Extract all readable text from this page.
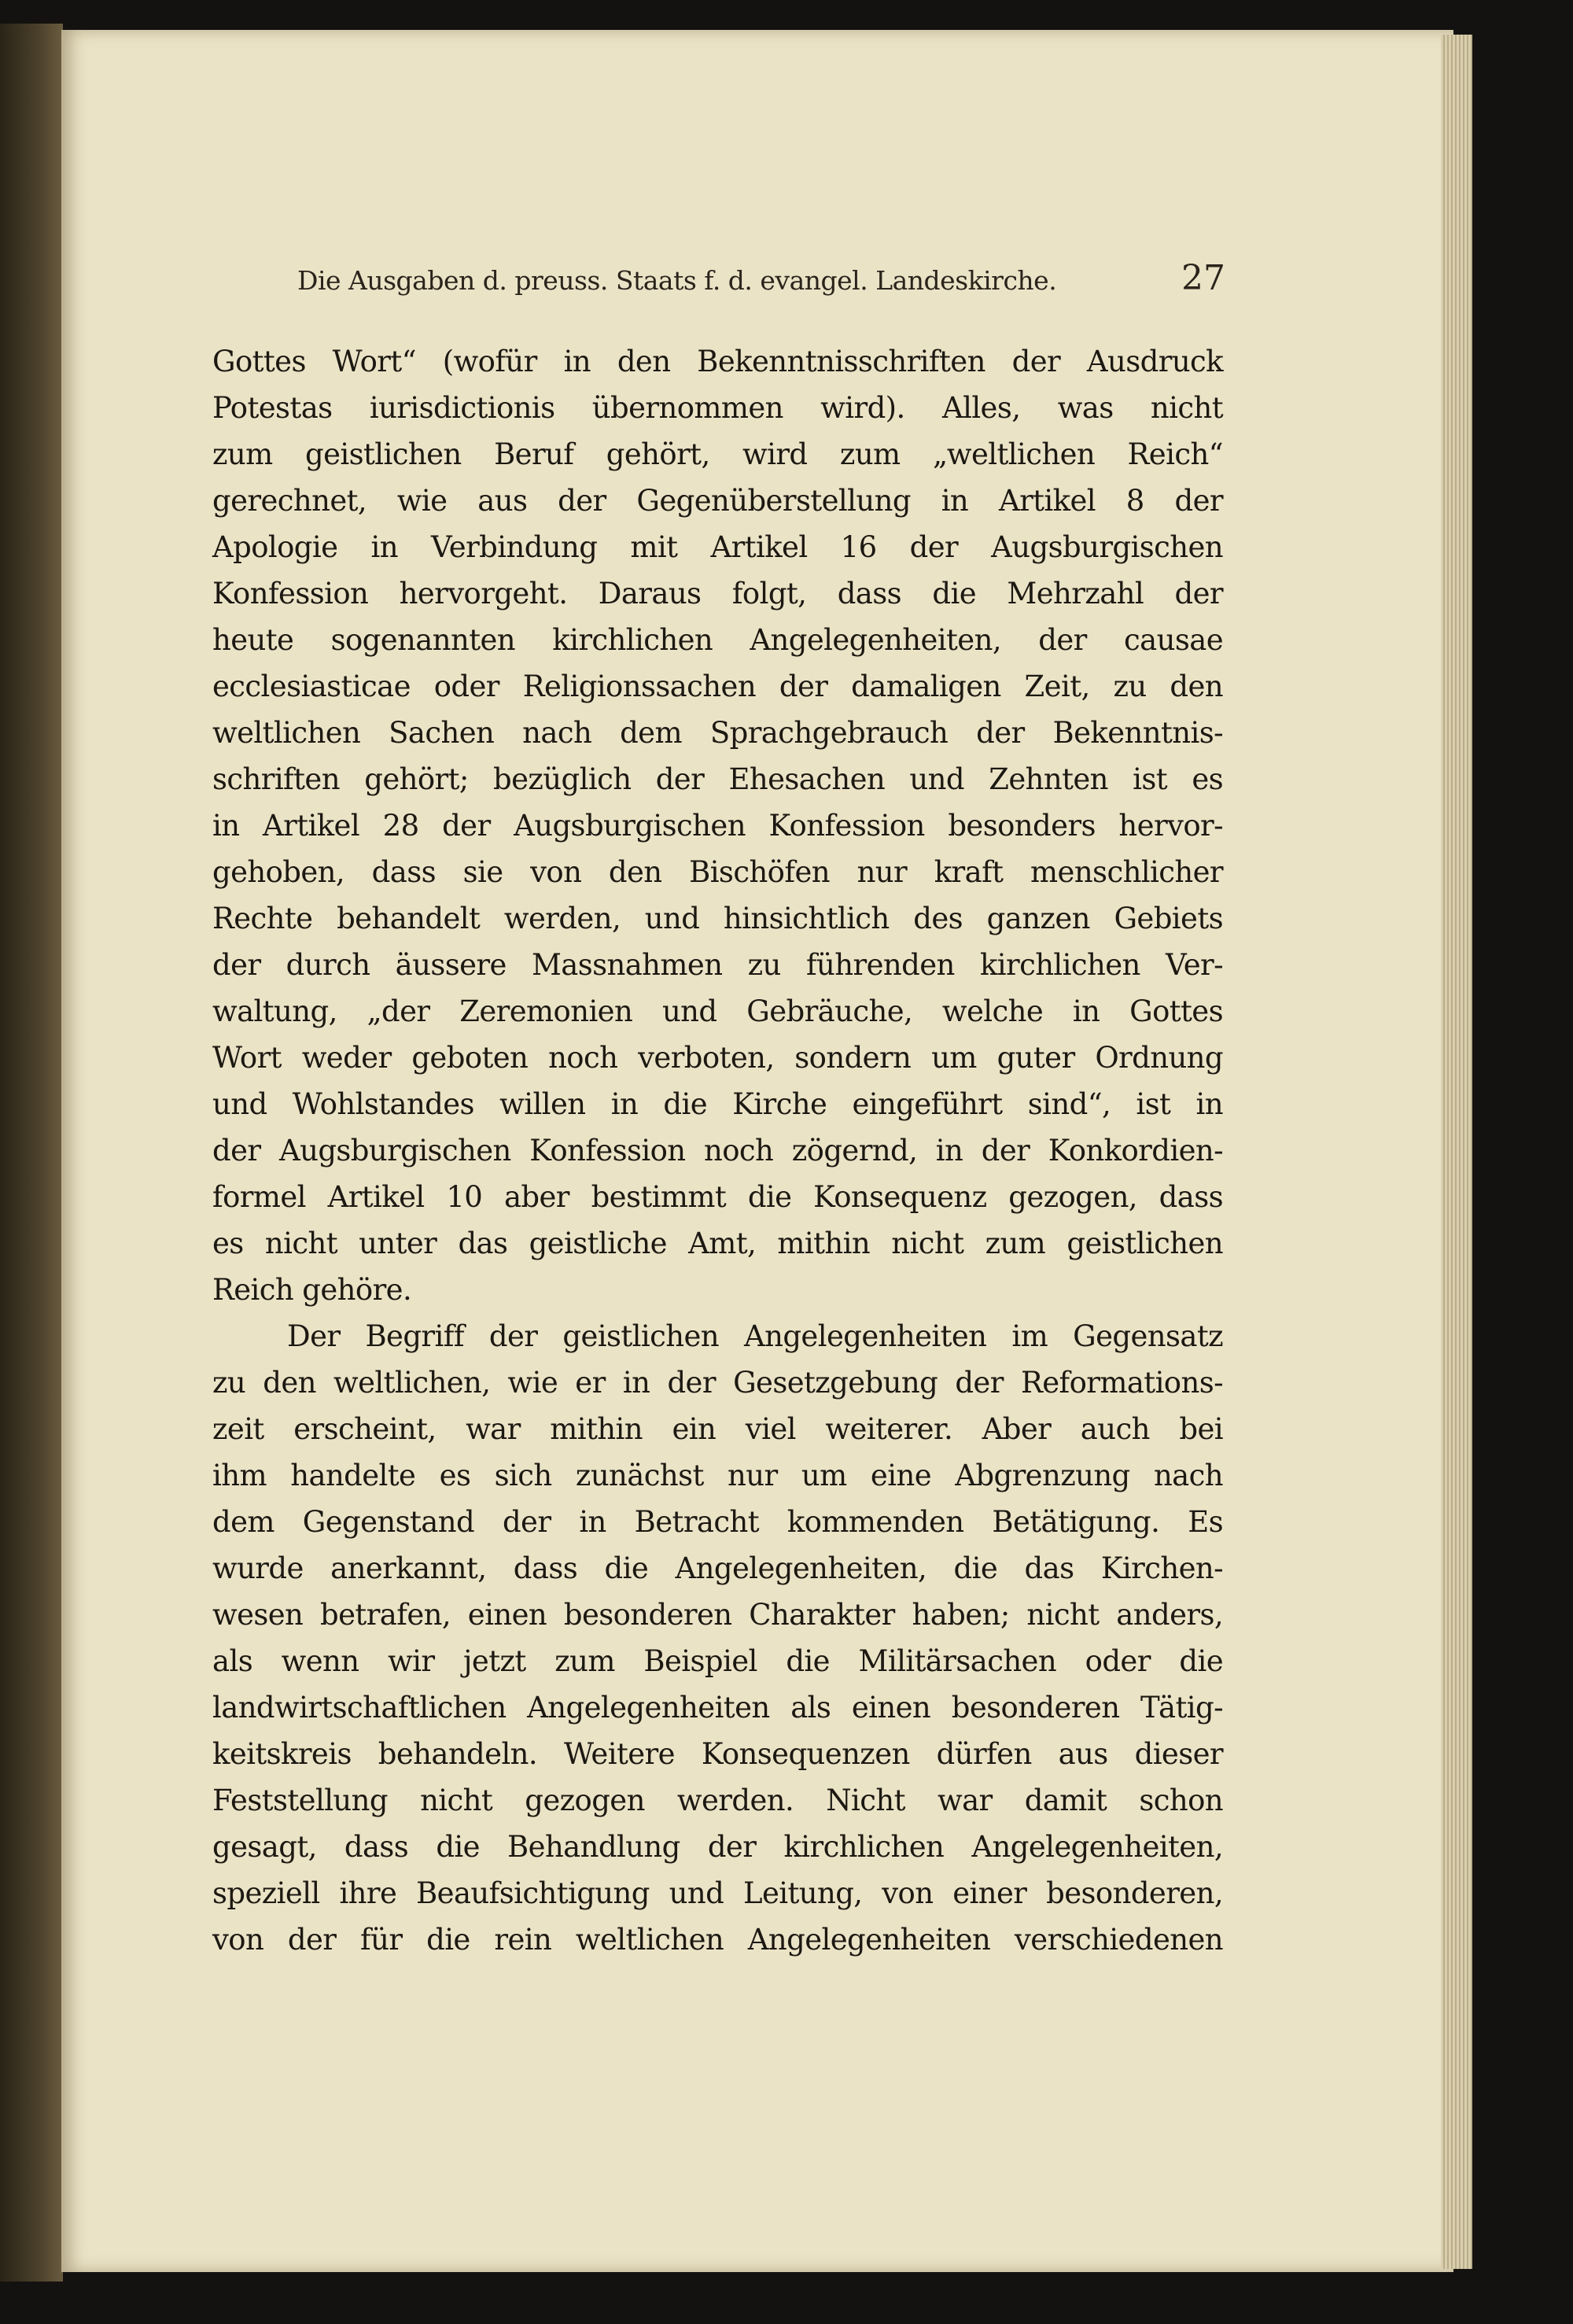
Die Ausgaben d. preuss. Staats f. d. evangel. Landeskirche.	27
Gottes Wort“ (wofür in den Bekenntnisschriften der Ausdruck
Potestas iurisdictionis übernommen wird). Alles, was nicht
zum geistlichen Beruf gehört, wird zum „weltlichen Reich“
gerechnet, wie aus der Gegenüberstellung in Artikel 8 der
Apologie in Verbindung mit Artikel 16 der Augsburgischen
Konfession hervorgeht. Daraus folgt, dass die Mehrzahl der
heute sogenannten kirchlichen Angelegenheiten, der causae
ecclesiasticae oder Religionssachen der damaligen Zeit, zu den
weltlichen Sachen nach dem Sprachgebrauch der Bekenntnis-
schriften gehört; bezüglich der Ehesachen und Zehnten ist es
in Artikel 28 der Augsburgischen Konfession besonders hervor-
gehoben, dass sie von den Bischöfen nur kraft menschlicher
Rechte behandelt werden, und hinsichtlich des ganzen Gebiets
der durch äussere Massnahmen zu führenden kirchlichen Ver-
waltung, „der Zeremonien und Gebräuche, welche in Gottes
Wort weder geboten noch verboten, sondern um guter Ordnung
und Wohlstandes willen in die Kirche eingeführt sind“, ist in
der Augsburgischen Konfession noch zögernd, in der Konkordien-
formel Artikel 10 aber bestimmt die Konsequenz gezogen, dass
es nicht unter das geistliche Amt, mithin nicht zum geistlichen
Reich gehöre.
Der Begriff der geistlichen Angelegenheiten im Gegensatz
zu den weltlichen, wie er in der Gesetzgebung der Reformations-
zeit erscheint, war mithin ein viel weiterer. Aber auch bei
ihm handelte es sich zunächst nur um eine Abgrenzung nach
dem Gegenstand der in Betracht kommenden Betätigung. Es
wurde anerkannt, dass die Angelegenheiten, die das Kirchen-
wesen betrafen, einen besonderen Charakter haben; nicht anders,
als wenn wir jetzt zum Beispiel die Militärsachen oder die
landwirtschaftlichen Angelegenheiten als einen besonderen Tätig-
keitskreis behandeln. Weitere Konsequenzen dürfen aus dieser
Feststellung nicht gezogen werden. Nicht war damit schon
gesagt, dass die Behandlung der kirchlichen Angelegenheiten,
speziell ihre Beaufsichtigung und Leitung, von einer besonderen,
von der für die rein weltlichen Angelegenheiten verschiedenen
